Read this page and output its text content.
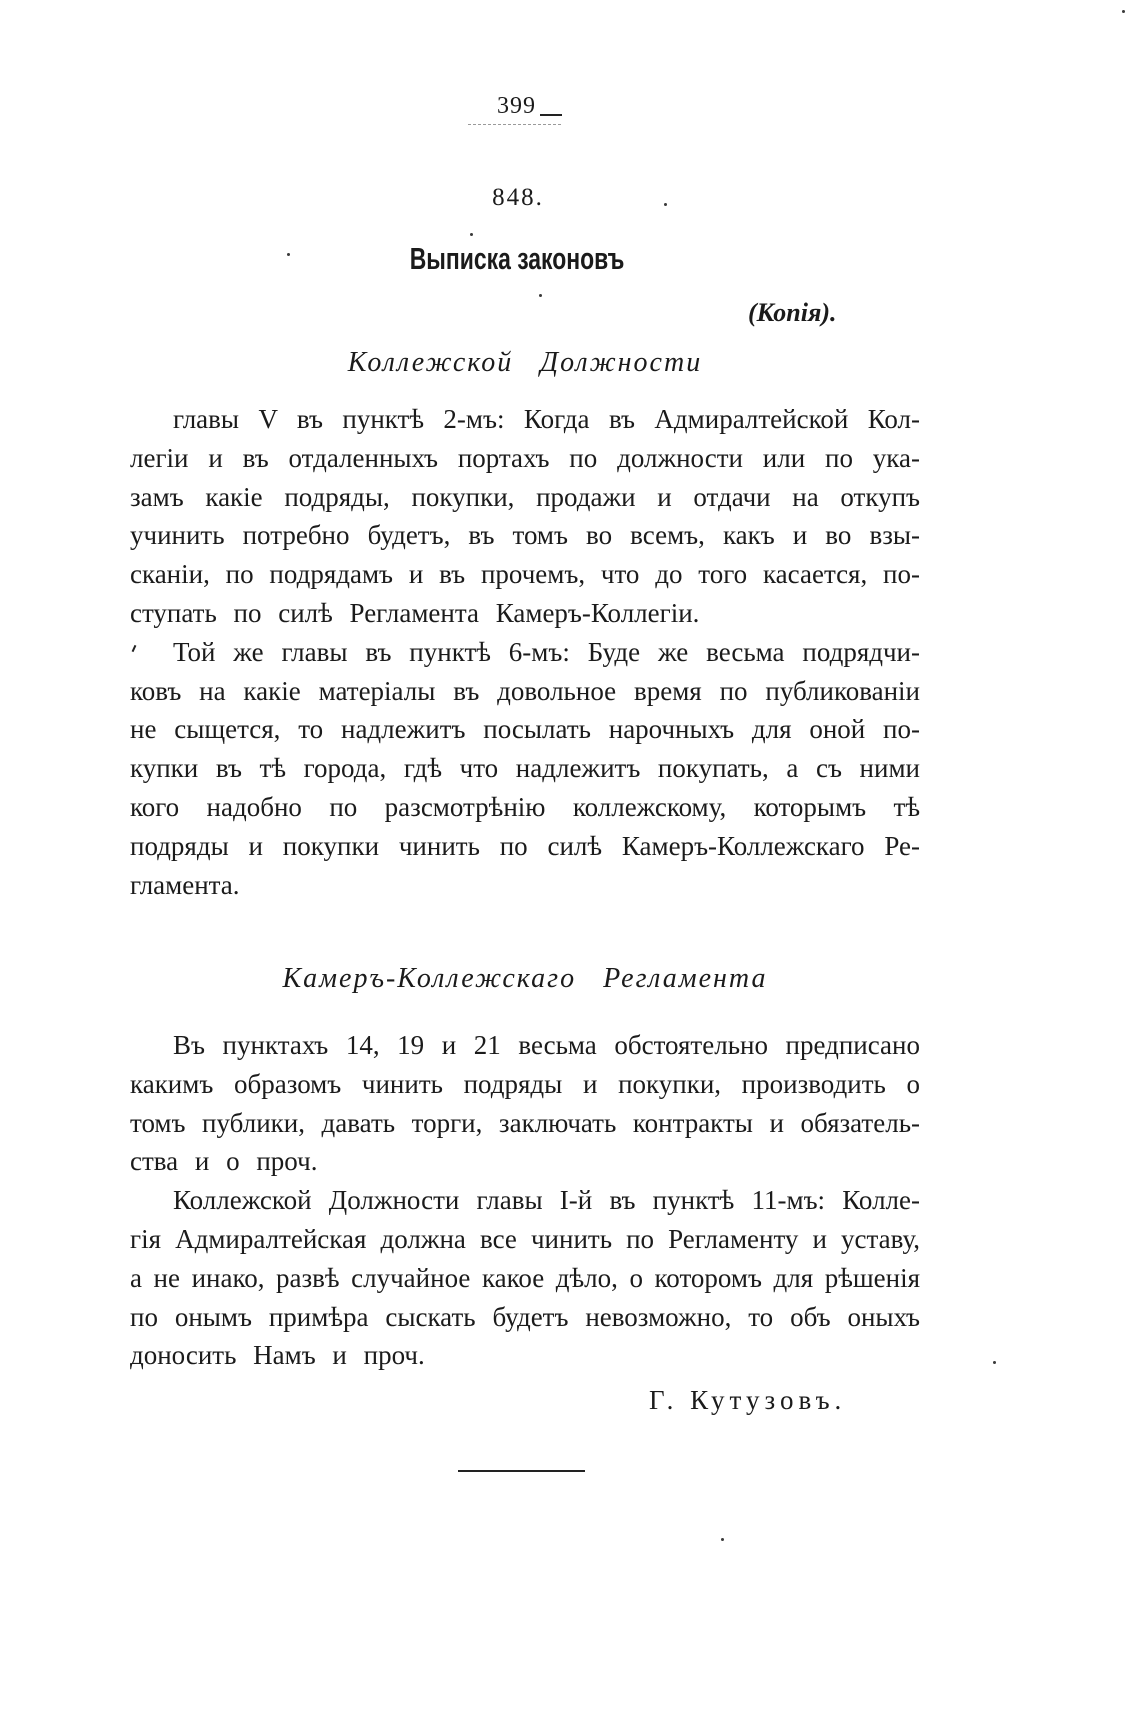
399
848.
Выписка законовъ
(Копія).
Коллежской Должности
главы V въ пунктѣ 2-мъ: Когда въ Адмиралтейской Кол-
легіи и въ отдаленныхъ портахъ по должности или по ука-
замъ какіе подряды, покупки, продажи и отдачи на откупъ
учинить потребно будетъ, въ томъ во всемъ, какъ и во взы-
сканіи, по подрядамъ и въ прочемъ, что до того касается, по-
ступать по силѣ Регламента Камеръ-Коллегіи.
Той же главы въ пунктѣ 6-мъ: Буде же весьма подрядчи-
ковъ на какіе матеріалы въ довольное время по публикованіи
не сыщется, то надлежитъ посылать нарочныхъ для оной по-
купки въ тѣ города, гдѣ что надлежитъ покупать, а съ ними
кого надобно по разсмотрѣнію коллежскому, которымъ тѣ
подряды и покупки чинить по силѣ Камеръ-Коллежскаго Ре-
гламента.
Камеръ-Коллежскаго Регламента
Въ пунктахъ 14, 19 и 21 весьма обстоятельно предписано
какимъ образомъ чинить подряды и покупки, производить о
томъ публики, давать торги, заключать контракты и обязатель-
ства и о проч.
Коллежской Должности главы I-й въ пунктѣ 11-мъ: Колле-
гія Адмиралтейская должна все чинить по Регламенту и уставу,
а не инако, развѣ случайное какое дѣло, о которомъ для рѣшенія
по онымъ примѣра сыскать будетъ невозможно, то объ оныхъ
доносить Намъ и проч.
Г. Кутузовъ.
